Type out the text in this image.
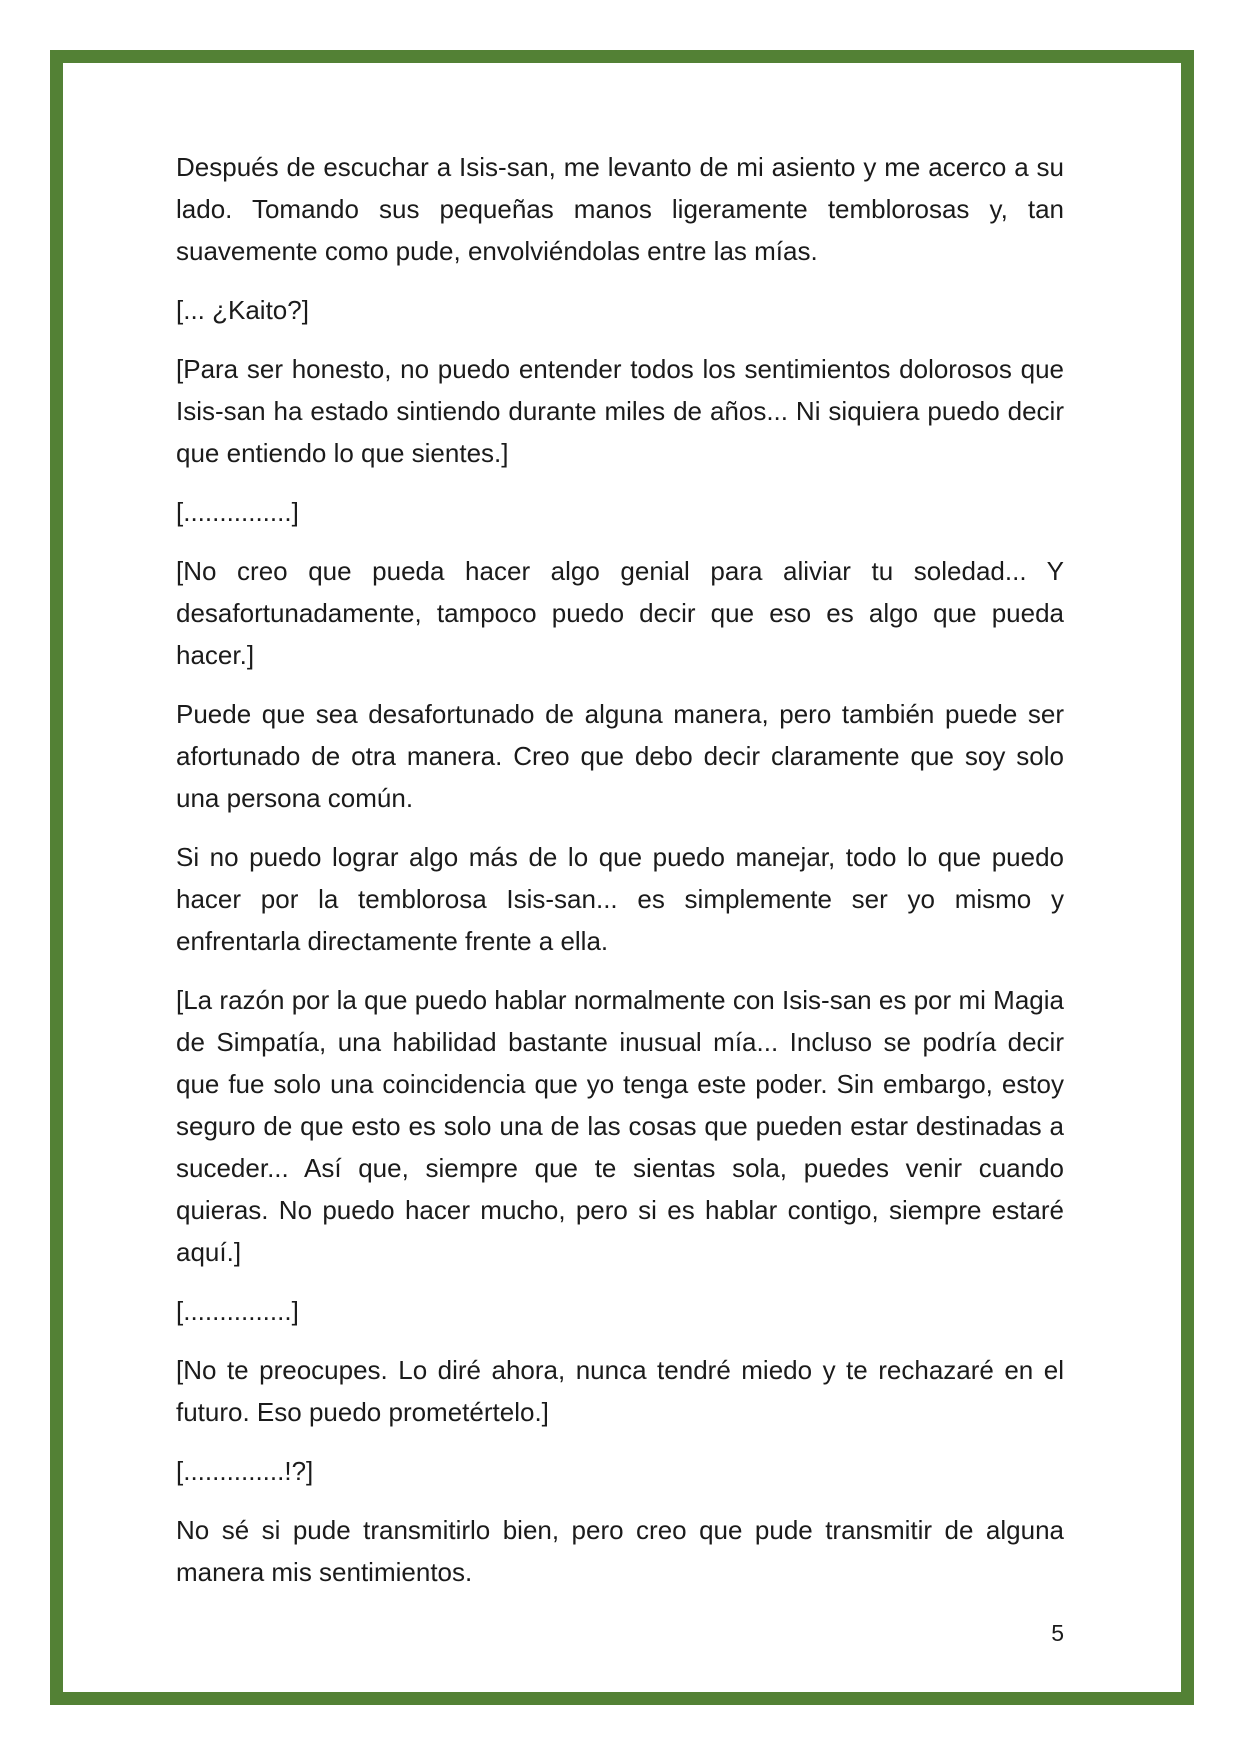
Después de escuchar a Isis-san, me levanto de mi asiento y me acerco a su lado. Tomando sus pequeñas manos ligeramente temblorosas y, tan suavemente como pude, envolviéndolas entre las mías.

[... ¿Kaito?]

[Para ser honesto, no puedo entender todos los sentimientos dolorosos que Isis-san ha estado sintiendo durante miles de años... Ni siquiera puedo decir que entiendo lo que sientes.]

[...............]

[No creo que pueda hacer algo genial para aliviar tu soledad... Y desafortunadamente, tampoco puedo decir que eso es algo que pueda hacer.]

Puede que sea desafortunado de alguna manera, pero también puede ser afortunado de otra manera. Creo que debo decir claramente que soy solo una persona común.

Si no puedo lograr algo más de lo que puedo manejar, todo lo que puedo hacer por la temblorosa Isis-san... es simplemente ser yo mismo y enfrentarla directamente frente a ella.

[La razón por la que puedo hablar normalmente con Isis-san es por mi Magia de Simpatía, una habilidad bastante inusual mía... Incluso se podría decir que fue solo una coincidencia que yo tenga este poder. Sin embargo, estoy seguro de que esto es solo una de las cosas que pueden estar destinadas a suceder... Así que, siempre que te sientas sola, puedes venir cuando quieras. No puedo hacer mucho, pero si es hablar contigo, siempre estaré aquí.]

[...............]

[No te preocupes. Lo diré ahora, nunca tendré miedo y te rechazaré en el futuro. Eso puedo prometértelo.]

[..............!?]

No sé si pude transmitirlo bien, pero creo que pude transmitir de alguna manera mis sentimientos.

5
